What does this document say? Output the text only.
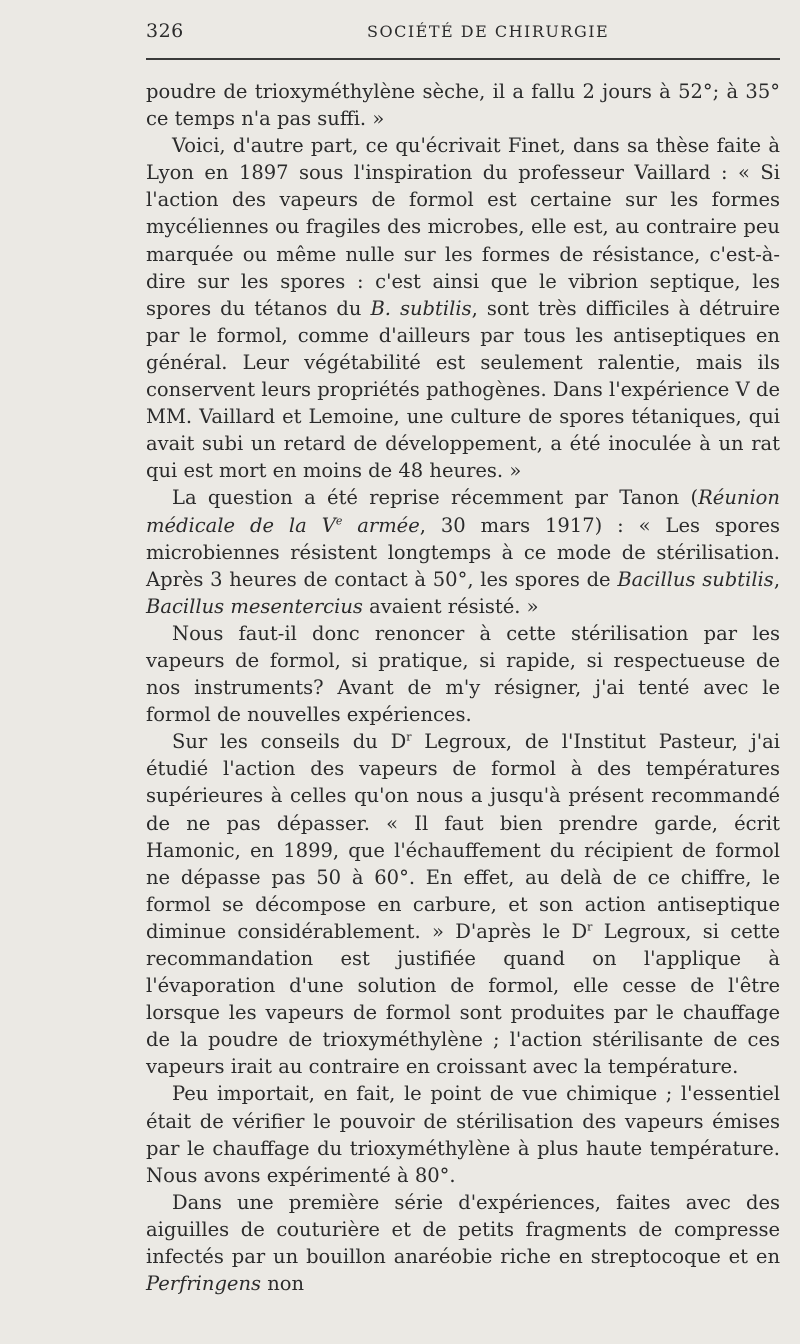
326	SOCIÉTÉ DE CHIRURGIE

poudre de trioxyméthylène sèche, il a fallu 2 jours à 52°; à 35° ce temps n'a pas suffi. »

Voici, d'autre part, ce qu'écrivait Finet, dans sa thèse faite à Lyon en 1897 sous l'inspiration du professeur Vaillard : « Si l'action des vapeurs de formol est certaine sur les formes mycéliennes ou fragiles des microbes, elle est, au contraire peu marquée ou même nulle sur les formes de résistance, c'est-à-dire sur les spores : c'est ainsi que le vibrion septique, les spores du tétanos du B. subtilis, sont très difficiles à détruire par le formol, comme d'ailleurs par tous les antiseptiques en général. Leur végétabilité est seulement ralentie, mais ils conservent leurs propriétés pathogènes. Dans l'expérience V de MM. Vaillard et Lemoine, une culture de spores tétaniques, qui avait subi un retard de développement, a été inoculée à un rat qui est mort en moins de 48 heures. »

La question a été reprise récemment par Tanon (Réunion médicale de la Ve armée, 30 mars 1917) : « Les spores microbiennes résistent longtemps à ce mode de stérilisation. Après 3 heures de contact à 50°, les spores de Bacillus subtilis, Bacillus mesentercius avaient résisté. »

Nous faut-il donc renoncer à cette stérilisation par les vapeurs de formol, si pratique, si rapide, si respectueuse de nos instruments? Avant de m'y résigner, j'ai tenté avec le formol de nouvelles expériences.

Sur les conseils du $D^r$ Legroux, de l'Institut Pasteur, j'ai étudié l'action des vapeurs de formol à des températures supérieures à celles qu'on nous a jusqu'à présent recommandé de ne pas dépasser. « Il faut bien prendre garde, écrit Hamonic, en 1899, que l'échauffement du récipient de formol ne dépasse pas 50 à 60°. En effet, au delà de ce chiffre, le formol se décompose en carbure, et son action antiseptique diminue considérablement. » D'après le $D^r$ Legroux, si cette recommandation est justifiée quand on l'applique à l'évaporation d'une solution de formol, elle cesse de l'être lorsque les vapeurs de formol sont produites par le chauffage de la poudre de trioxyméthylène ; l'action stérilisante de ces vapeurs irait au contraire en croissant avec la température.

Peu importait, en fait, le point de vue chimique ; l'essentiel était de vérifier le pouvoir de stérilisation des vapeurs émises par le chauffage du trioxyméthylène à plus haute température. Nous avons expérimenté à 80°.

Dans une première série d'expériences, faites avec des aiguilles de couturière et de petits fragments de compresse infectés par un bouillon anaréobie riche en streptocoque et en Perfringens non
